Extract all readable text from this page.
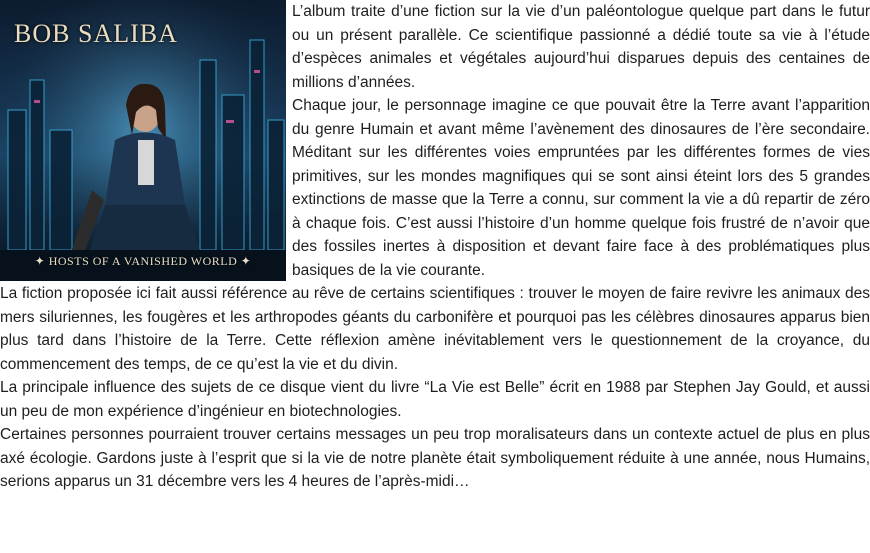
BOB SALIBA
✦ HOSTS OF A VANISHED WORLD ✦

L’album traite d’une fiction sur la vie d’un paléontologue quelque part dans le futur ou un présent parallèle. Ce scientifique passionné a dédié toute sa vie à l’étude d’espèces animales et végétales aujourd’hui disparues depuis des centaines de millions d’années.

Chaque jour, le personnage imagine ce que pouvait être la Terre avant l’apparition du genre Humain et avant même l’avènement des dinosaures de l’ère secondaire. Méditant sur les différentes voies empruntées par les différentes formes de vies primitives, sur les mondes magnifiques qui se sont ainsi éteint lors des 5 grandes extinctions de masse que la Terre a connu, sur comment la vie a dû repartir de zéro à chaque fois. C’est aussi l’histoire d’un homme quelque fois frustré de n’avoir que des fossiles inertes à disposition et devant faire face à des problématiques plus basiques de la vie courante.

La fiction proposée ici fait aussi référence au rêve de certains scientifiques : trouver le moyen de faire revivre les animaux des mers siluriennes, les fougères et les arthropodes géants du carbonifère et pourquoi pas les célèbres dinosaures apparus bien plus tard dans l’histoire de la Terre. Cette réflexion amène inévitablement vers le questionnement de la croyance, du commencement des temps, de ce qu’est la vie et du divin.

La principale influence des sujets de ce disque vient du livre “La Vie est Belle” écrit en 1988 par Stephen Jay Gould, et aussi un peu de mon expérience d’ingénieur en biotechnologies.

Certaines personnes pourraient trouver certains messages un peu trop moralisateurs dans un contexte actuel de plus en plus axé écologie. Gardons juste à l’esprit que si la vie de notre planète était symboliquement réduite à une année, nous Humains, serions apparus un 31 décembre vers les 4 heures de l’après-midi…
